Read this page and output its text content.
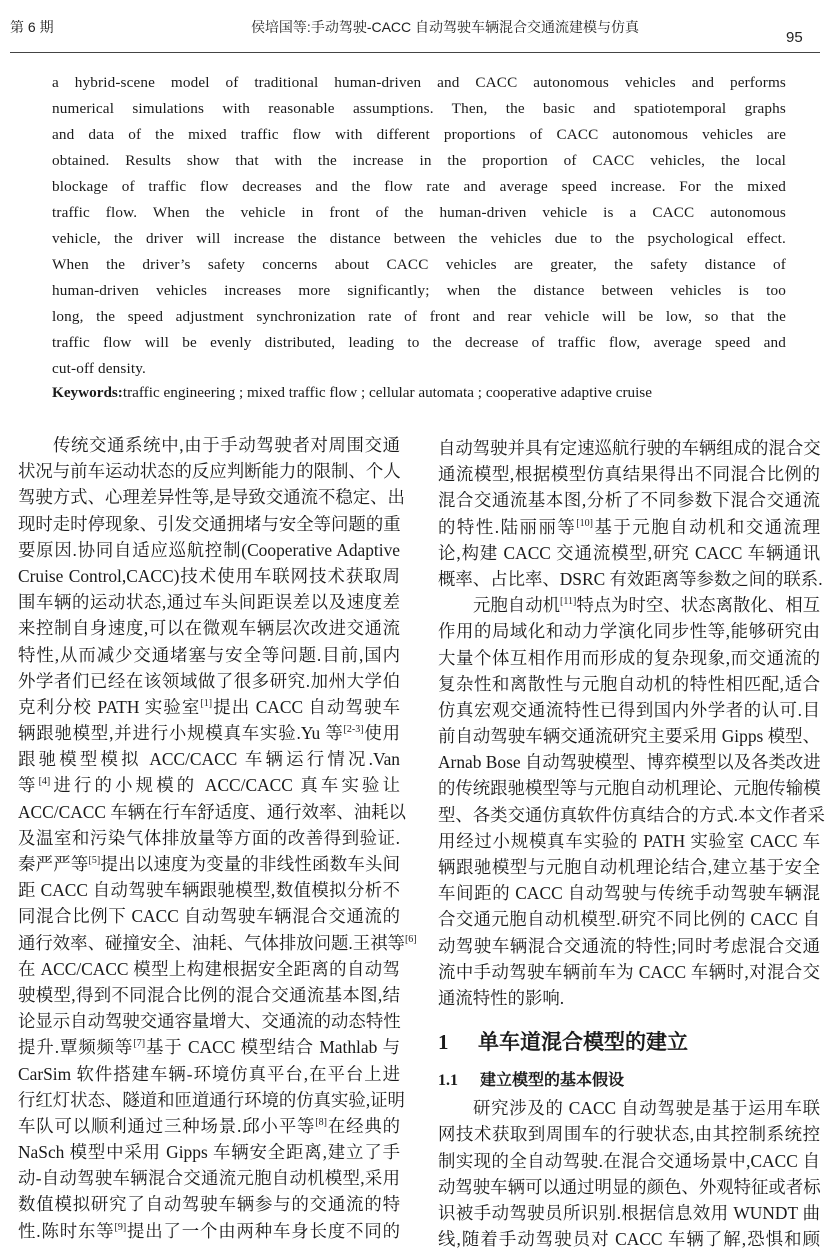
第 6 期	侯培国等:手动驾驶-CACC 自动驾驶车辆混合交通流建模与仿真
95
a hybrid-scene model of traditional human-driven and CACC autonomous vehicles and performs
numerical simulations with reasonable assumptions. Then, the basic and spatiotemporal graphs
and data of the mixed traffic flow with different proportions of CACC autonomous vehicles are
obtained. Results show that with the increase in the proportion of CACC vehicles, the local
blockage of traffic flow decreases and the flow rate and average speed increase. For the mixed
traffic flow. When the vehicle in front of the human-driven vehicle is a CACC autonomous
vehicle, the driver will increase the distance between the vehicles due to the psychological effect.
When the driver’s safety concerns about CACC vehicles are greater, the safety distance of
human-driven vehicles increases more significantly; when the distance between vehicles is too
long, the speed adjustment synchronization rate of front and rear vehicle will be low, so that the
traffic flow will be evenly distributed, leading to the decrease of traffic flow, average speed and
cut-off density.
Keywords:traffic engineering ; mixed traffic flow ; cellular automata ; cooperative adaptive cruise
传统交通系统中,由于手动驾驶者对周围交通
状况与前车运动状态的反应判断能力的限制、个人
驾驶方式、心理差异性等,是导致交通流不稳定、出
现时走时停现象、引发交通拥堵与安全等问题的重
要原因.协同自适应巡航控制(Cooperative Adaptive
Cruise Control,CACC)技术使用车联网技术获取周
围车辆的运动状态,通过车头间距误差以及速度差
来控制自身速度,可以在微观车辆层次改进交通流
特性,从而减少交通堵塞与安全等问题.目前,国内
外学者们已经在该领域做了很多研究.加州大学伯
克利分校 PATH 实验室[1]提出 CACC 自动驾驶车
辆跟驰模型,并进行小规模真车实验.Yu 等[2-3]使用
跟驰模型模拟 ACC/CACC 车辆运行情况.Van
等[4]进行的小规模的 ACC/CACC 真车实验让
ACC/CACC 车辆在行车舒适度、通行效率、油耗以
及温室和污染气体排放量等方面的改善得到验证.
秦严严等[5]提出以速度为变量的非线性函数车头间
距 CACC 自动驾驶车辆跟驰模型,数值模拟分析不
同混合比例下 CACC 自动驾驶车辆混合交通流的
通行效率、碰撞安全、油耗、气体排放问题.王祺等[6]
在 ACC/CACC 模型上构建根据安全距离的自动驾
驶模型,得到不同混合比例的混合交通流基本图,结
论显示自动驾驶交通容量增大、交通流的动态特性
提升.覃频频等[7]基于 CACC 模型结合 Mathlab 与
CarSim 软件搭建车辆-环境仿真平台,在平台上进
行红灯状态、隧道和匝道通行环境的仿真实验,证明
车队可以顺利通过三种场景.邱小平等[8]在经典的
NaSch 模型中采用 Gipps 车辆安全距离,建立了手
动-自动驾驶车辆混合交通流元胞自动机模型,采用
数值模拟研究了自动驾驶车辆参与的交通流的特
性.陈时东等[9]提出了一个由两种车身长度不同的
自动驾驶并具有定速巡航行驶的车辆组成的混合交
通流模型,根据模型仿真结果得出不同混合比例的
混合交通流基本图,分析了不同参数下混合交通流
的特性.陆丽丽等[10]基于元胞自动机和交通流理
论,构建 CACC 交通流模型,研究 CACC 车辆通讯
概率、占比率、DSRC 有效距离等参数之间的联系.
元胞自动机[11]特点为时空、状态离散化、相互
作用的局域化和动力学演化同步性等,能够研究由
大量个体互相作用而形成的复杂现象,而交通流的
复杂性和离散性与元胞自动机的特性相匹配,适合
仿真宏观交通流特性已得到国内外学者的认可.目
前自动驾驶车辆交通流研究主要采用 Gipps 模型、
Arnab Bose 自动驾驶模型、博弈模型以及各类改进
的传统跟驰模型等与元胞自动机理论、元胞传输模
型、各类交通仿真软件仿真结合的方式.本文作者采
用经过小规模真车实验的 PATH 实验室 CACC 车
辆跟驰模型与元胞自动机理论结合,建立基于安全
车间距的 CACC 自动驾驶与传统手动驾驶车辆混
合交通元胞自动机模型.研究不同比例的 CACC 自
动驾驶车辆混合交通流的特性;同时考虑混合交通
流中手动驾驶车辆前车为 CACC 车辆时,对混合交
通流特性的影响.
1 单车道混合模型的建立
1.1 建立模型的基本假设
研究涉及的 CACC 自动驾驶是基于运用车联
网技术获取到周围车的行驶状态,由其控制系统控
制实现的全自动驾驶.在混合交通场景中,CACC 自
动驾驶车辆可以通过明显的颜色、外观特征或者标
识被手动驾驶员所识别.根据信息效用 WUNDT 曲
线,随着手动驾驶员对 CACC 车辆了解,恐惧和顾
